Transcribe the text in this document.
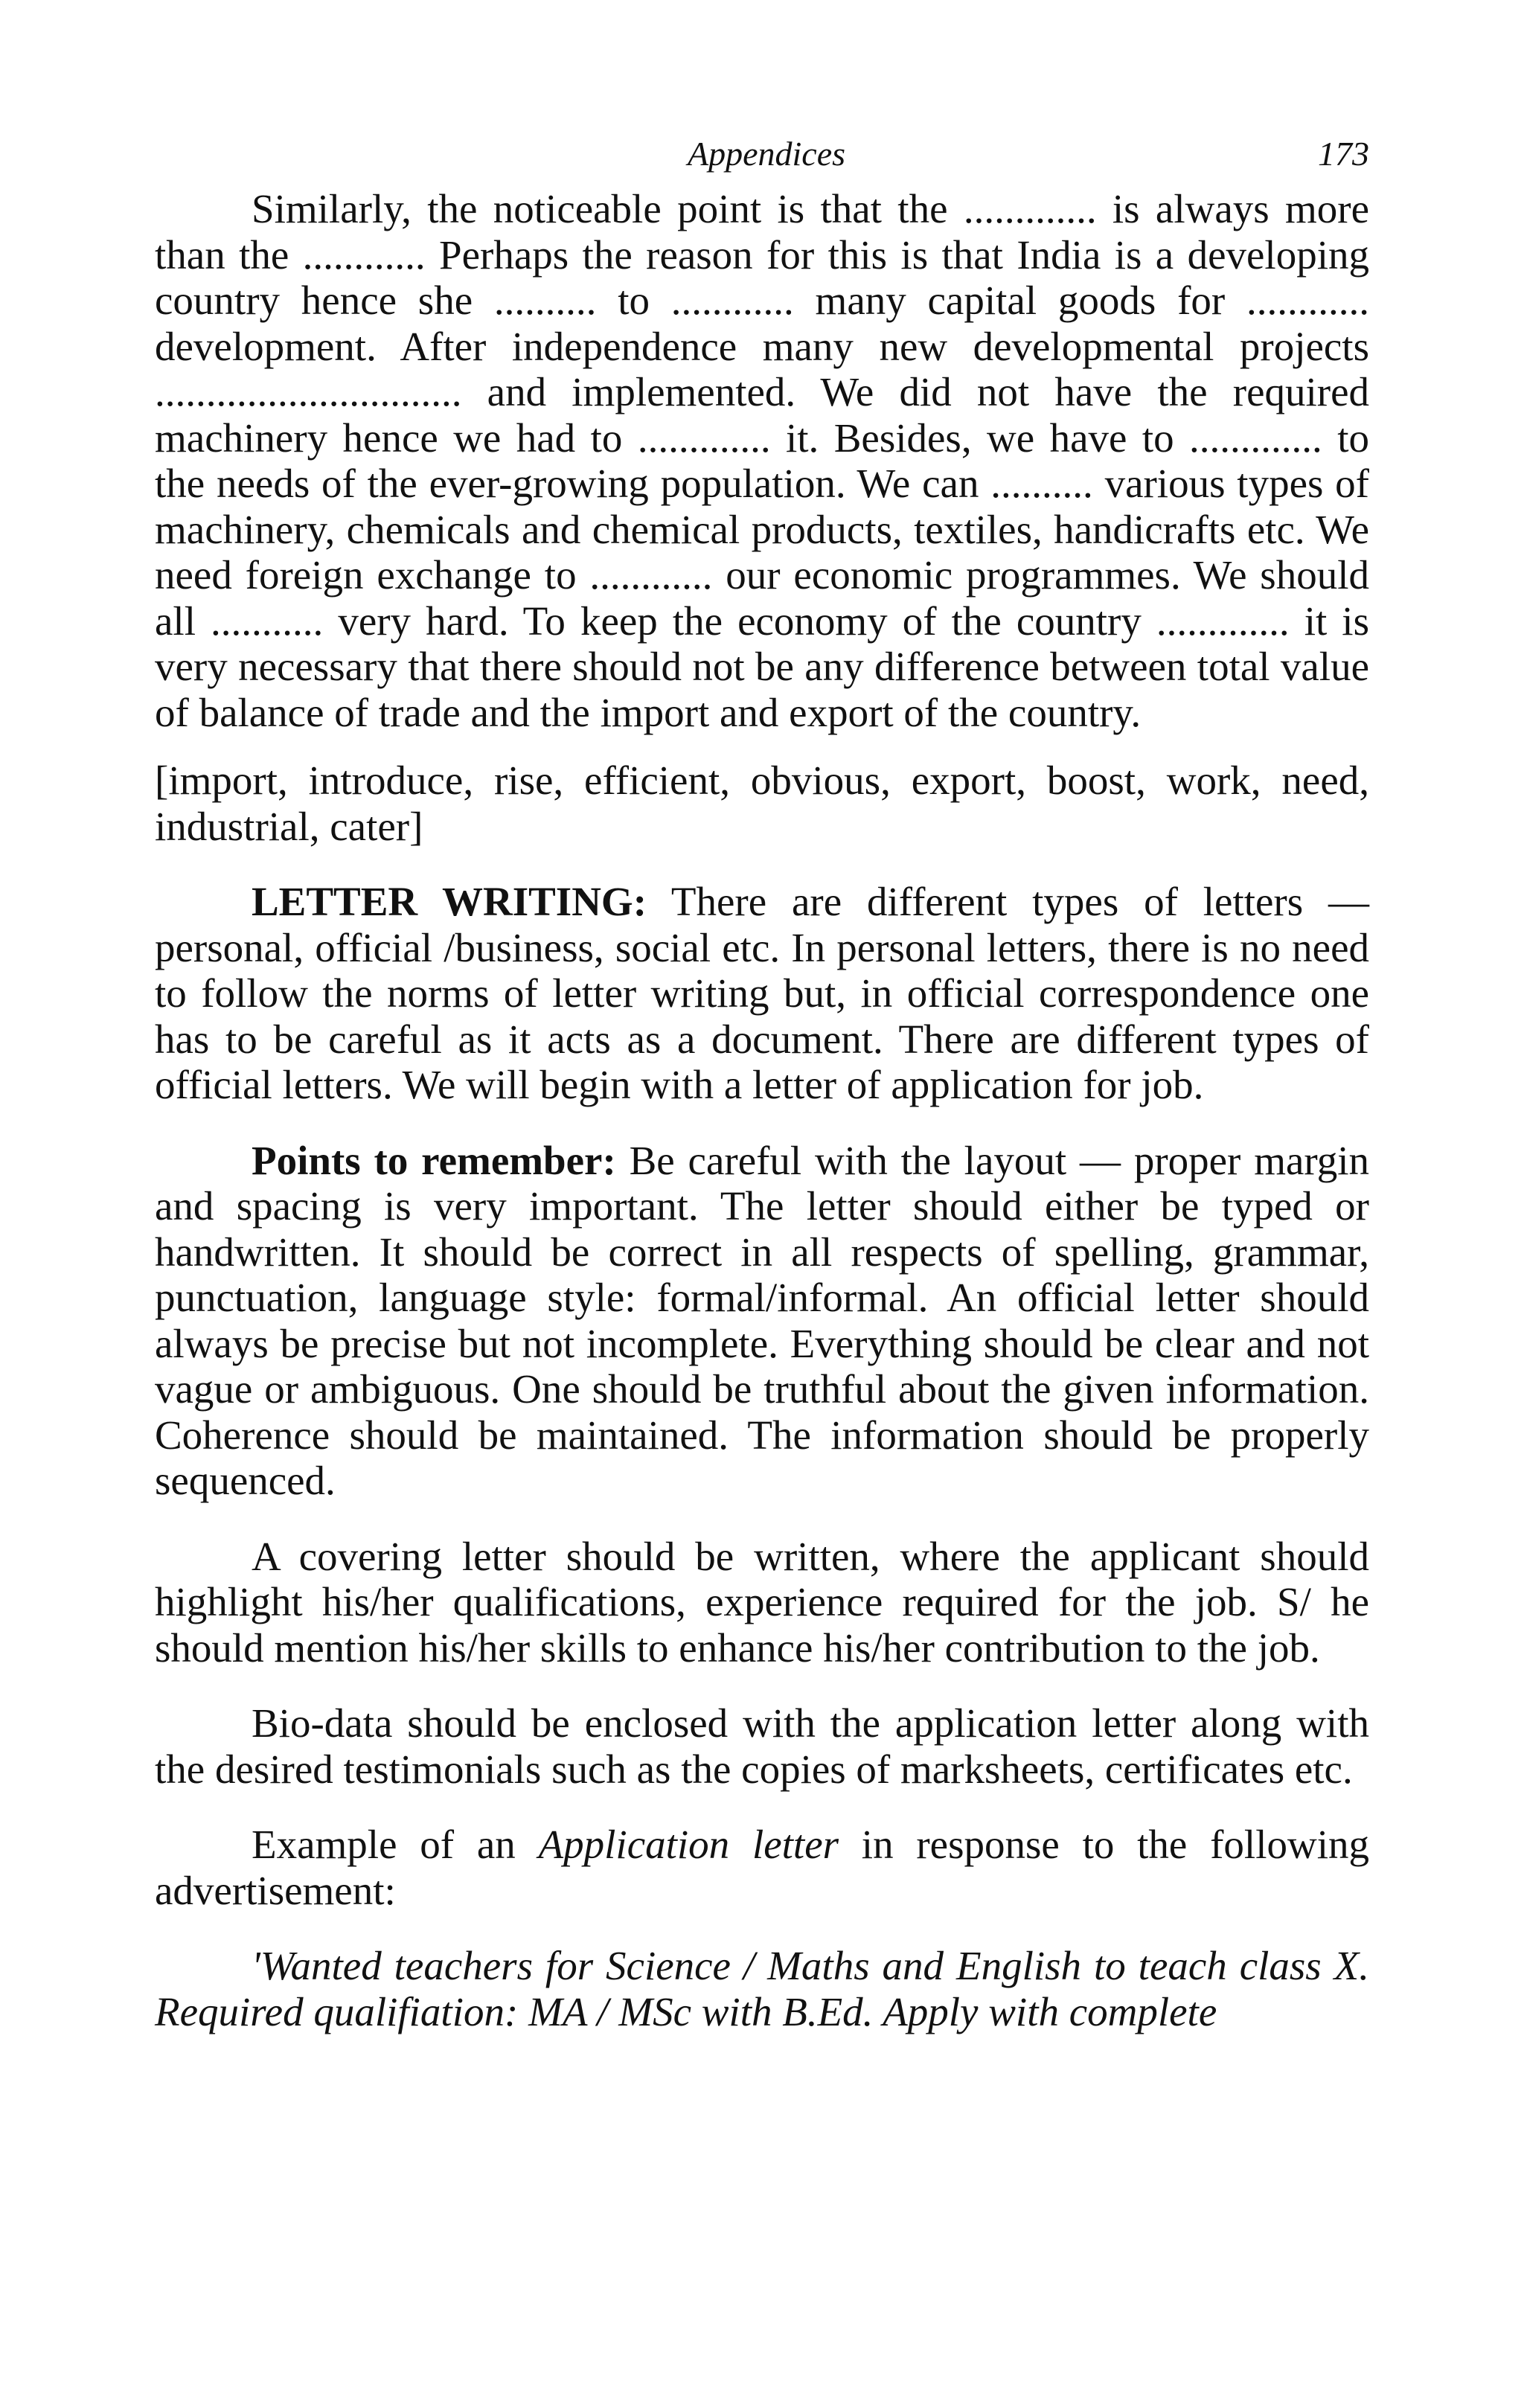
Appendices	173

Similarly, the noticeable point is that the ............. is always more than the ............ Perhaps the reason for this is that India is a developing country hence she .......... to ............ many capital goods for ............ development. After independence many new developmental projects .............................. and implemented. We did not have the required machinery hence we had to ............. it. Besides, we have to ............. to the needs of the ever-growing population. We can .......... various types of machinery, chemicals and chemical products, textiles, handicrafts etc. We need foreign exchange to ............ our economic programmes. We should all ........... very hard. To keep the economy of the country ............. it is very necessary that there should not be any difference between total value of balance of trade and the import and export of the country.

[import, introduce, rise, efficient, obvious, export, boost, work, need, industrial, cater]

LETTER WRITING: There are different types of letters — personal, official /business, social etc. In personal letters, there is no need to follow the norms of letter writing but, in official correspondence one has to be careful as it acts as a document. There are different types of official letters. We will begin with a letter of application for job.

Points to remember: Be careful with the layout — proper margin and spacing is very important. The letter should either be typed or handwritten. It should be correct in all respects of spelling, grammar, punctuation, language style: formal/informal. An official letter should always be precise but not incomplete. Everything should be clear and not vague or ambiguous. One should be truthful about the given information. Coherence should be maintained. The information should be properly sequenced.

A covering letter should be written, where the applicant should highlight his/her qualifications, experience required for the job. S/ he should mention his/her skills to enhance his/her contribution to the job.

Bio-data should be enclosed with the application letter along with the desired testimonials such as the copies of marksheets, certificates etc.

Example of an Application letter in response to the following advertisement:

'Wanted teachers for Science / Maths and English to teach class X. Required qualifiation: MA / MSc with B.Ed. Apply with complete
